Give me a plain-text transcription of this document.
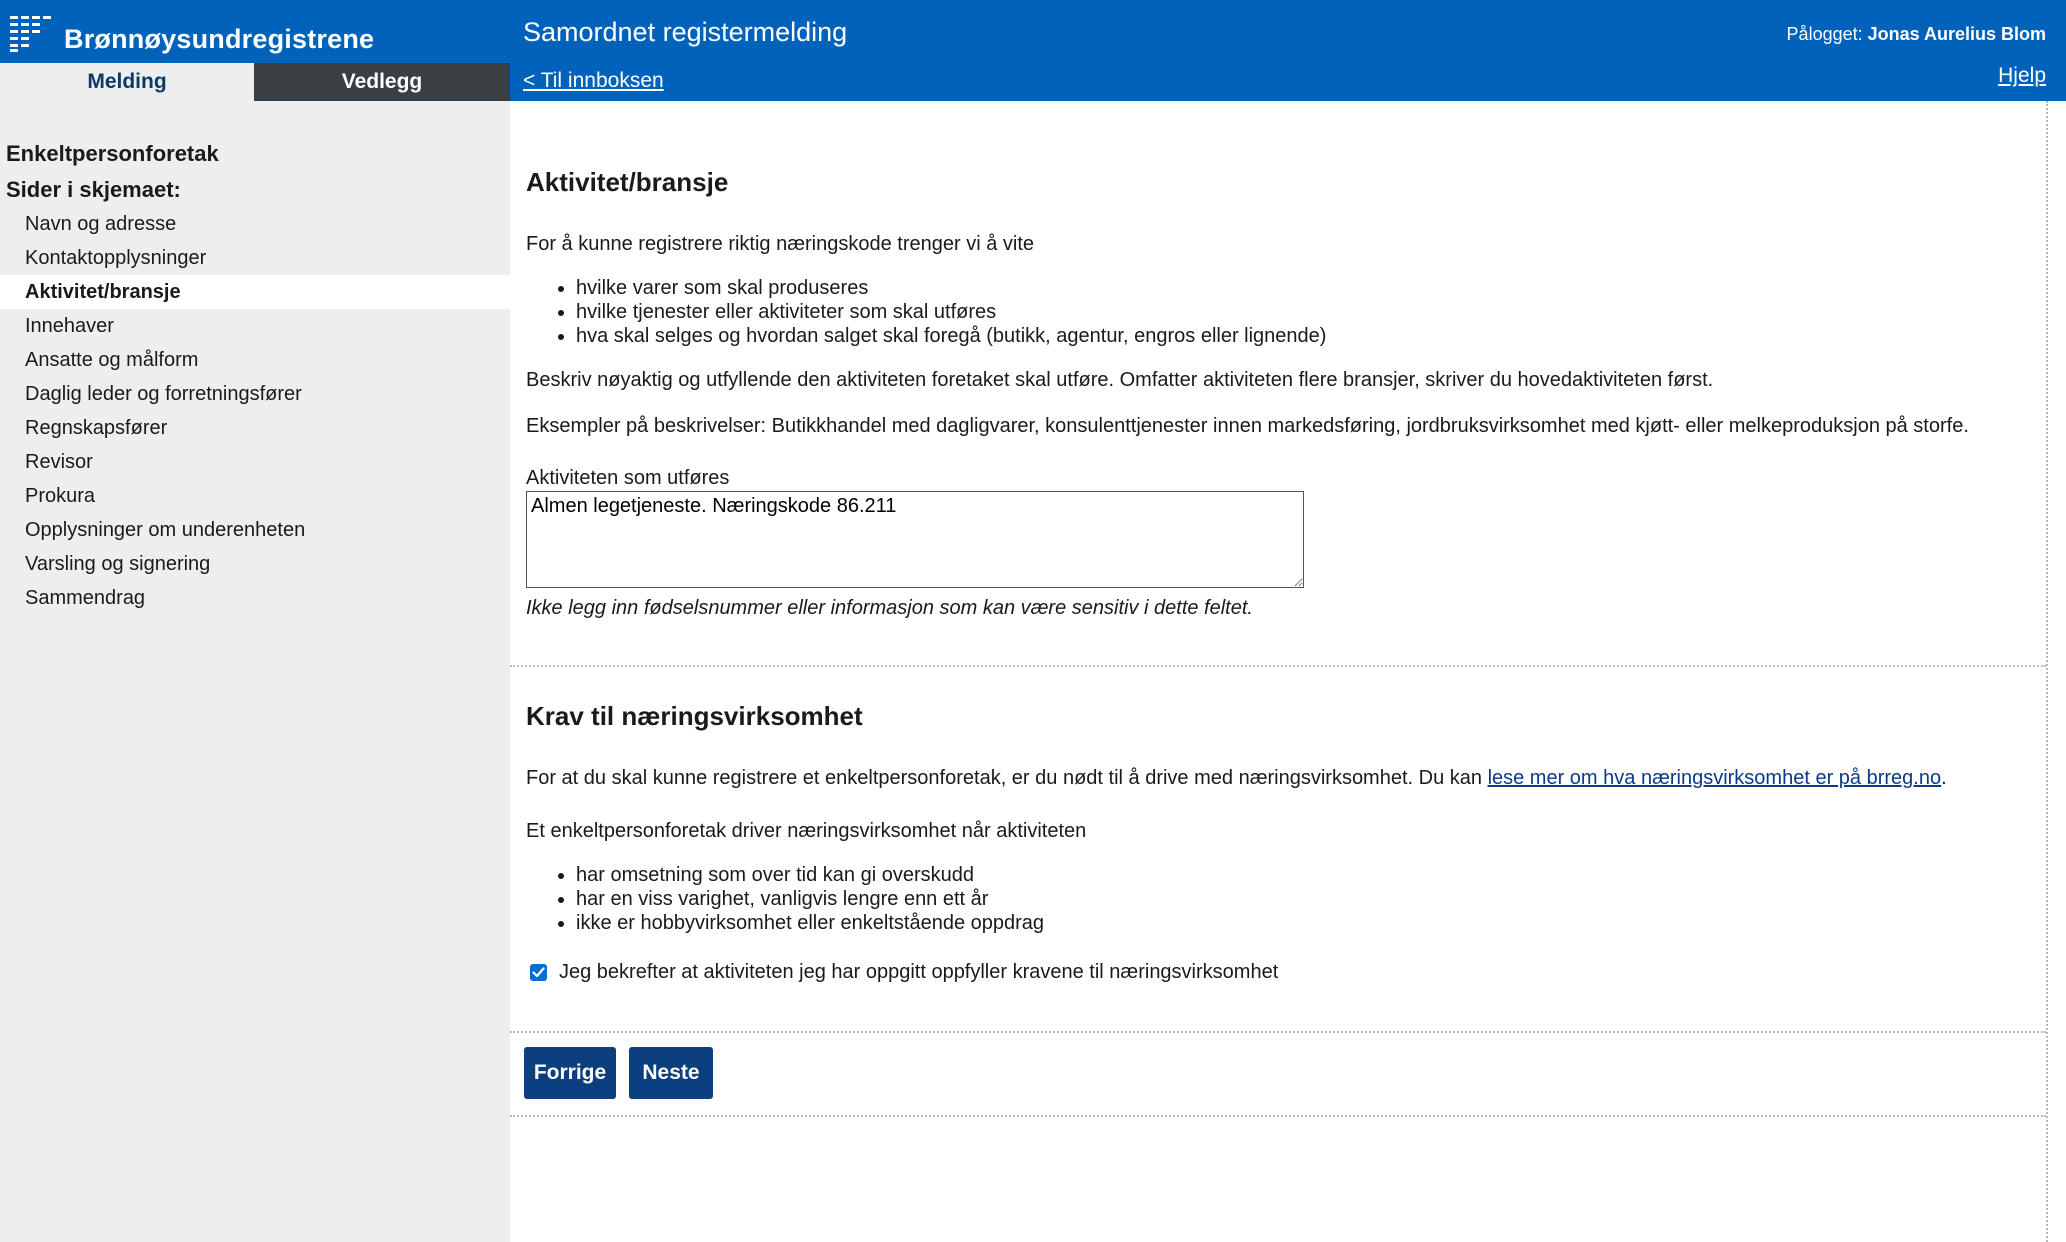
Brønnøysundregistrene	Samordnet registermelding	Pålogget: Jonas Aurelius Blom
Melding	Vedlegg	< Til innboksen	Hjelp
Enkeltpersonforetak
Sider i skjemaet:
Navn og adresse
Kontaktopplysninger
Aktivitet/bransje
Innehaver
Ansatte og målform
Daglig leder og forretningsfører
Regnskapsfører
Revisor
Prokura
Opplysninger om underenheten
Varsling og signering
Sammendrag
Aktivitet/bransje

For å kunne registrere riktig næringskode trenger vi å vite

• hvilke varer som skal produseres
• hvilke tjenester eller aktiviteter som skal utføres
• hva skal selges og hvordan salget skal foregå (butikk, agentur, engros eller lignende)

Beskriv nøyaktig og utfyllende den aktiviteten foretaket skal utføre. Omfatter aktiviteten flere bransjer, skriver du hovedaktiviteten først.

Eksempler på beskrivelser: Butikkhandel med dagligvarer, konsulenttjenester innen markedsføring, jordbruksvirksomhet med kjøtt- eller melkeproduksjon på storfe.

Aktiviteten som utføres
Almen legetjeneste. Næringskode 86.211
Ikke legg inn fødselsnummer eller informasjon som kan være sensitiv i dette feltet.
Krav til næringsvirksomhet

For at du skal kunne registrere et enkeltpersonforetak, er du nødt til å drive med næringsvirksomhet. Du kan lese mer om hva næringsvirksomhet er på brreg.no.

Et enkeltpersonforetak driver næringsvirksomhet når aktiviteten

• har omsetning som over tid kan gi overskudd
• har en viss varighet, vanligvis lengre enn ett år
• ikke er hobbyvirksomhet eller enkeltstående oppdrag
Jeg bekrefter at aktiviteten jeg har oppgitt oppfyller kravene til næringsvirksomhet
Forrige	Neste
